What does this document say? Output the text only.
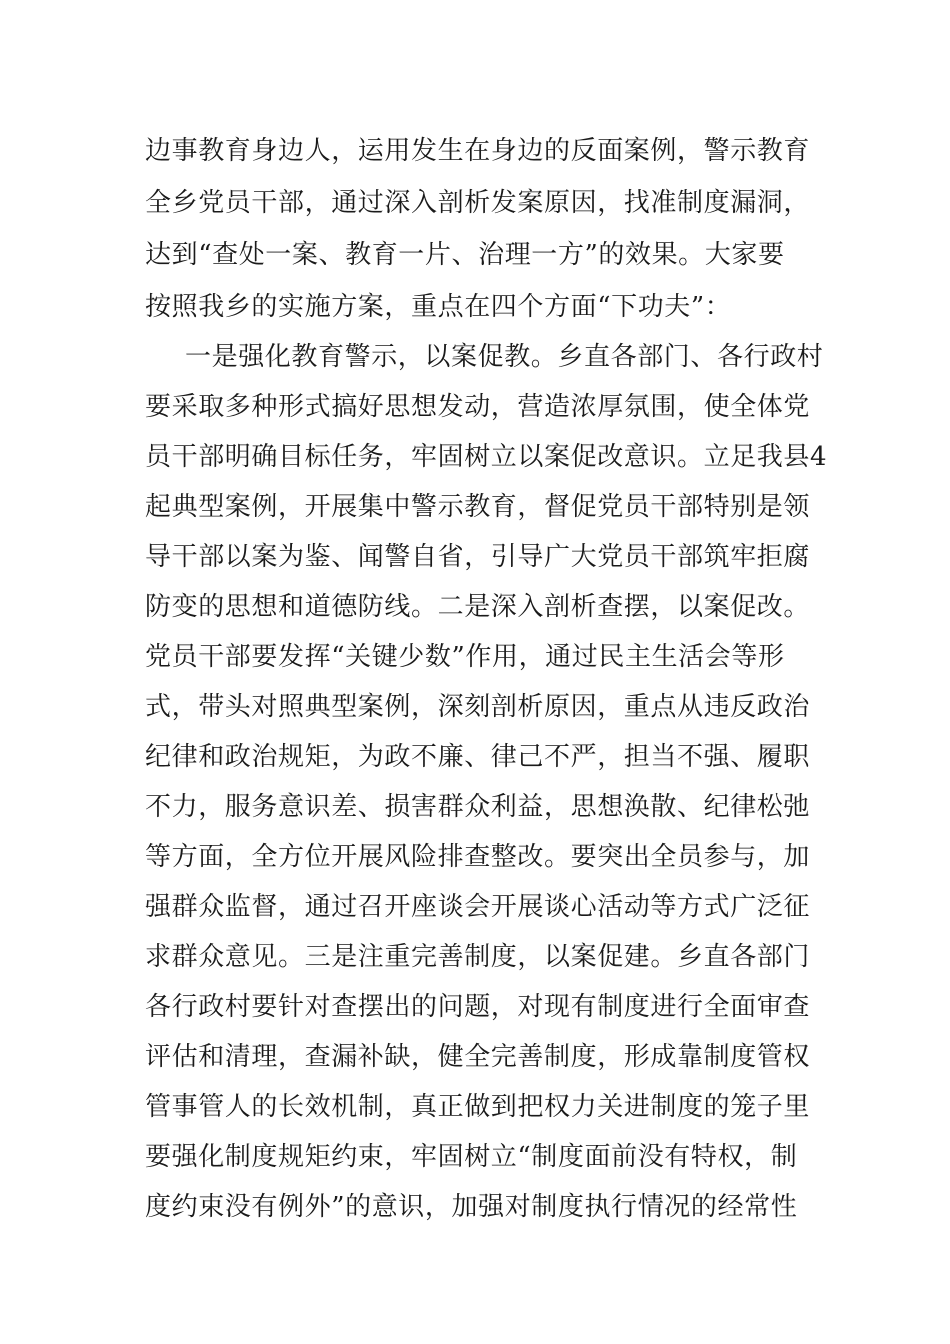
边事教育身边人，运用发生在身边的反面案例，警示教育
全乡党员干部，通过深入剖析发案原因，找准制度漏洞，
达到“查处一案、教育一片、治理一方”的效果。大家要
按照我乡的实施方案，重点在四个方面“下功夫”：
一是强化教育警示，以案促教。乡直各部门、各行政村
要采取多种形式搞好思想发动，营造浓厚氛围，使全体党
员干部明确目标任务，牢固树立以案促改意识。立足我县4
起典型案例，开展集中警示教育，督促党员干部特别是领
导干部以案为鉴、闻警自省，引导广大党员干部筑牢拒腐
防变的思想和道德防线。二是深入剖析查摆，以案促改。
党员干部要发挥“关键少数”作用，通过民主生活会等形
式，带头对照典型案例，深刻剖析原因，重点从违反政治
纪律和政治规矩，为政不廉、律己不严，担当不强、履职
不力，服务意识差、损害群众利益，思想涣散、纪律松弛
等方面，全方位开展风险排查整改。要突出全员参与，加
强群众监督，通过召开座谈会开展谈心活动等方式广泛征
求群众意见。三是注重完善制度，以案促建。乡直各部门
各行政村要针对查摆出的问题，对现有制度进行全面审查
评估和清理，查漏补缺，健全完善制度，形成靠制度管权
管事管人的长效机制，真正做到把权力关进制度的笼子里
要强化制度规矩约束，牢固树立“制度面前没有特权，制
度约束没有例外”的意识，加强对制度执行情况的经常性
